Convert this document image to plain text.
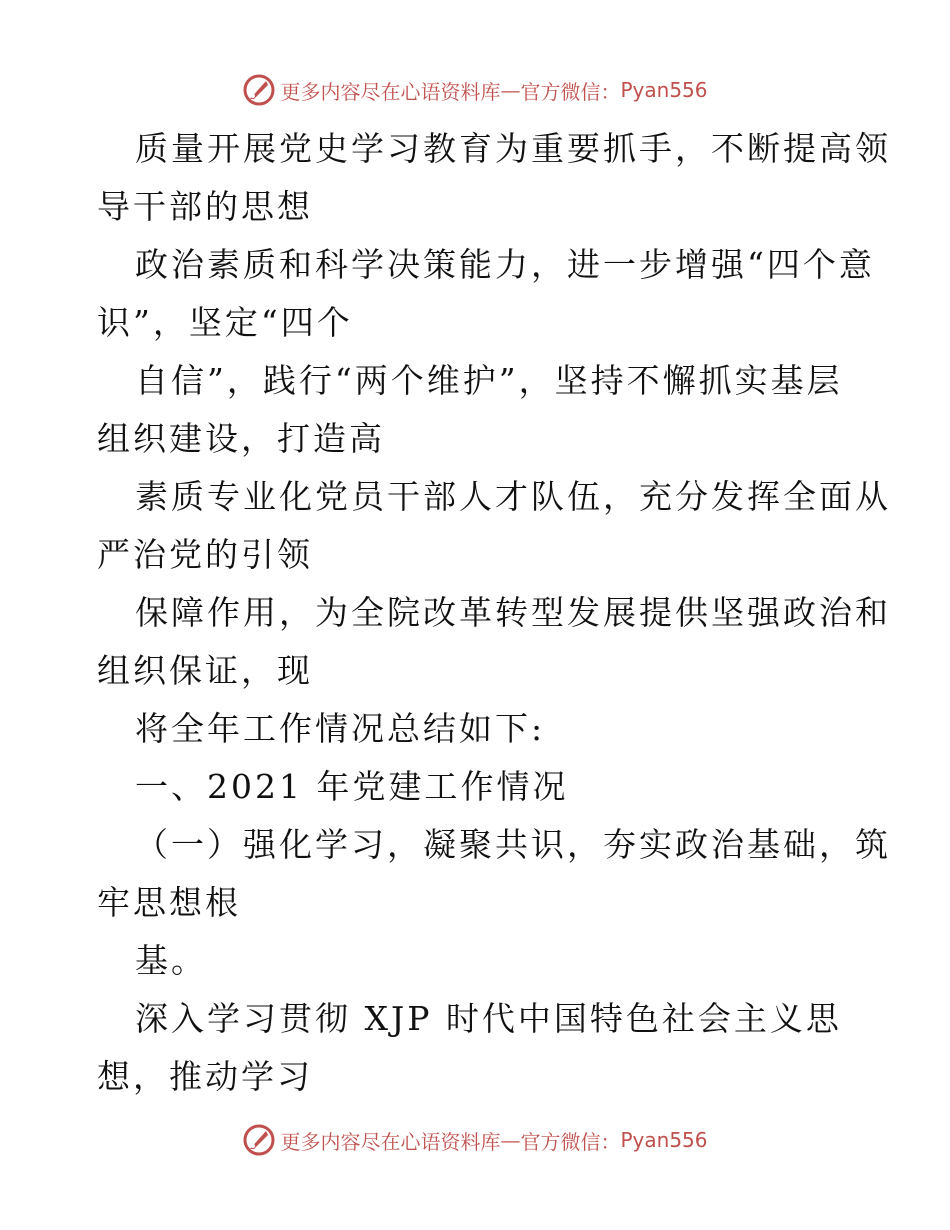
更多内容尽在心语资料库 — 官方微信： Pyan556
质量开展党史学习教育为重要抓手，不断提高领
导干部的思想
政治素质和科学决策能力，进一步增强“四个意
识”，坚定“四个
自信”，践行“两个维护”，坚持不懈抓实基层
组织建设，打造高
素质专业化党员干部人才队伍，充分发挥全面从
严治党的引领
保障作用，为全院改革转型发展提供坚强政治和
组织保证，现
将全年工作情况总结如下:
一、2021 年党建工作情况
（一）强化学习，凝聚共识，夯实政治基础，筑
牢思想根
基。
深入学习贯彻 XJP 时代中国特色社会主义思
想，推动学习
更多内容尽在心语资料库 — 官方微信： Pyan556
